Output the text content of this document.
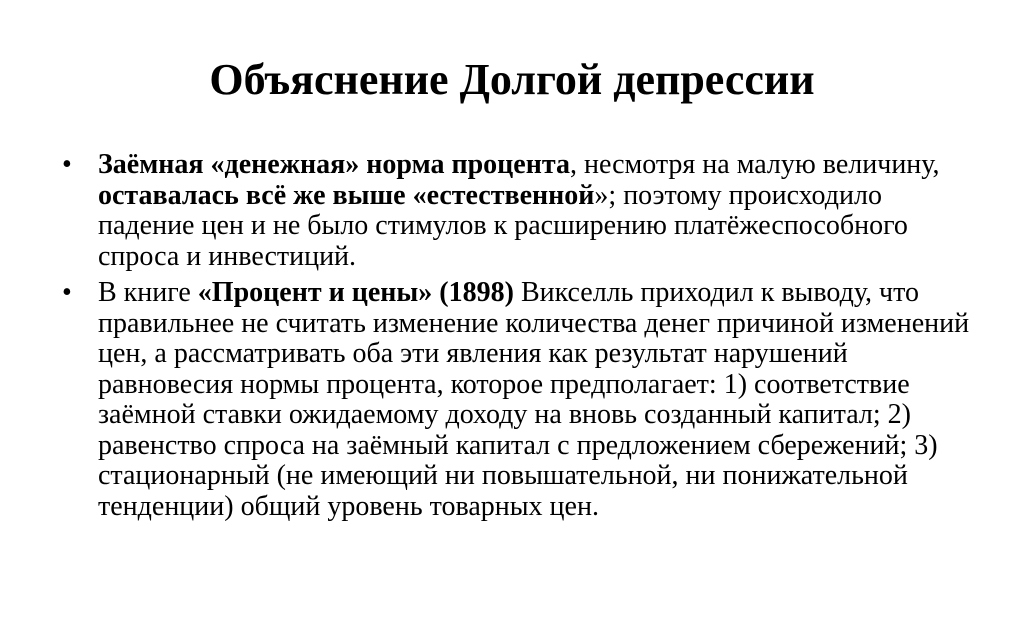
Объяснение Долгой депрессии
• Заёмная «денежная» норма процента, несмотря на малую величину, оставалась всё же выше «естественной»; поэтому происходило падение цен и не было стимулов к расширению платёжеспособного спроса и инвестиций.
• В книге «Процент и цены» (1898) Викселль приходил к выводу, что правильнее не считать изменение количества денег причиной изменений цен, а рассматривать оба эти явления как результат нарушений равновесия нормы процента, которое предполагает: 1) соответствие заёмной ставки ожидаемому доходу на вновь созданный капитал; 2) равенство спроса на заёмный капитал с предложением сбережений; 3) стационарный (не имеющий ни повышательной, ни понижательной тенденции) общий уровень товарных цен.
